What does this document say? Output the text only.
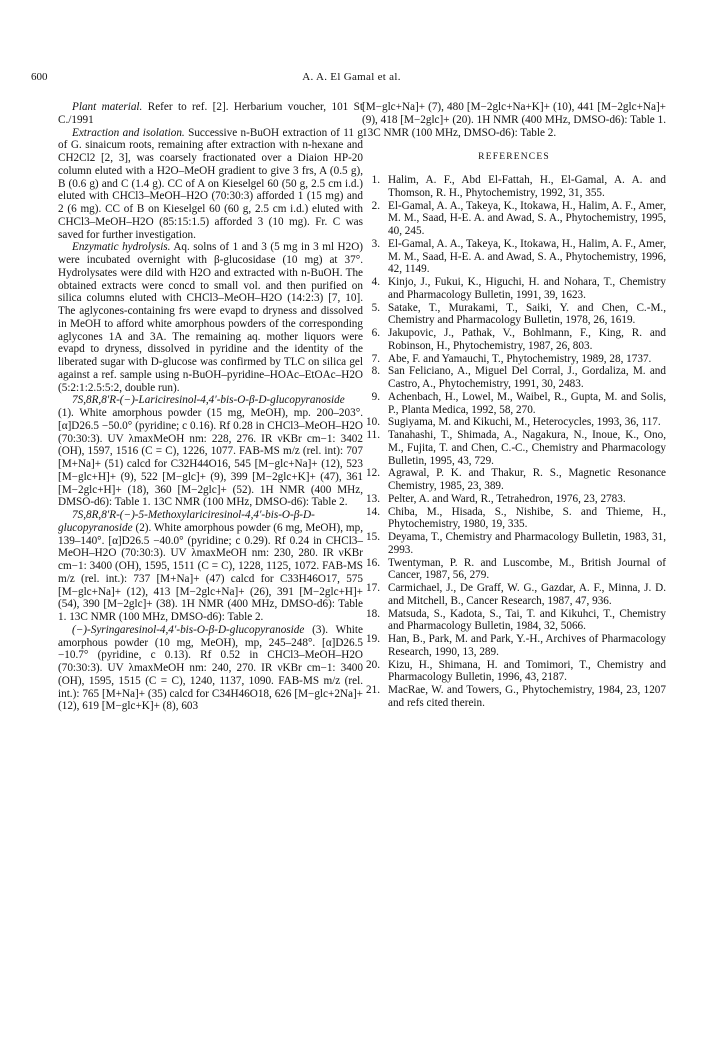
600	A. A. El Gamal et al.

Plant material. Refer to ref. [2]. Herbarium voucher, 101 St C./1991

Extraction and isolation. Successive n-BuOH extraction of 11 g of G. sinaicum roots, remaining after extraction with n-hexane and CH2Cl2 [2, 3], was coarsely fractionated over a Diaion HP-20 column eluted with a H2O–MeOH gradient to give 3 frs, A (0.5 g), B (0.6 g) and C (1.4 g). CC of A on Kieselgel 60 (50 g, 2.5 cm i.d.) eluted with CHCl3–MeOH–H2O (70:30:3) afforded 1 (15 mg) and 2 (6 mg). CC of B on Kieselgel 60 (60 g, 2.5 cm i.d.) eluted with CHCl3–MeOH–H2O (85:15:1.5) afforded 3 (10 mg). Fr. C was saved for further investigation.

Enzymatic hydrolysis. Aq. solns of 1 and 3 (5 mg in 3 ml H2O) were incubated overnight with β-glucosidase (10 mg) at 37°. Hydrolysates were dild with H2O and extracted with n-BuOH. The obtained extracts were concd to small vol. and then purified on silica columns eluted with CHCl3–MeOH–H2O (14:2:3) [7, 10]. The aglycones-containing frs were evapd to dryness and dissolved in MeOH to afford white amorphous powders of the corresponding aglycones 1A and 3A. The remaining aq. mother liquors were evapd to dryness, dissolved in pyridine and the identity of the liberated sugar with D-glucose was confirmed by TLC on silica gel against a ref. sample using n-BuOH–pyridine–HOAc–EtOAc–H2O (5:2:1:2.5:5:2, double run).

7S,8R,8′R-(−)-Lariciresinol-4,4′-bis-O-β-D-glucopyranoside (1). White amorphous powder (15 mg, MeOH), mp. 200–203°. [α]D26.5 −50.0° (pyridine; c 0.16). Rf 0.28 in CHCl3–MeOH–H2O (70:30:3). UV λmaxMeOH nm: 228, 276. IR νKBr cm−1: 3402 (OH), 1597, 1516 (C = C), 1226, 1077. FAB-MS m/z (rel. int): 707 [M+Na]+ (51) calcd for C32H44O16, 545 [M−glc+Na]+ (12), 523 [M−glc+H]+ (9), 522 [M−glc]+ (9), 399 [M−2glc+K]+ (47), 361 [M−2glc+H]+ (18), 360 [M−2glc]+ (52). 1H NMR (400 MHz, DMSO-d6): Table 1. 13C NMR (100 MHz, DMSO-d6): Table 2.

7S,8R,8′R-(−)-5-Methoxylariciresinol-4,4′-bis-O-β-D-glucopyranoside (2). White amorphous powder (6 mg, MeOH), mp, 139–140°. [α]D26.5 −40.0° (pyridine; c 0.29). Rf 0.24 in CHCl3–MeOH–H2O (70:30:3). UV λmaxMeOH nm: 230, 280. IR νKBr cm−1: 3400 (OH), 1595, 1511 (C = C), 1228, 1125, 1072. FAB-MS m/z (rel. int.): 737 [M+Na]+ (47) calcd for C33H46O17, 575 [M−glc+Na]+ (12), 413 [M−2glc+Na]+ (26), 391 [M−2glc+H]+ (54), 390 [M−2glc]+ (38). 1H NMR (400 MHz, DMSO-d6): Table 1. 13C NMR (100 MHz, DMSO-d6): Table 2.

(−)-Syringaresinol-4,4′-bis-O-β-D-glucopyranoside (3). White amorphous powder (10 mg, MeOH), mp, 245–248°. [α]D26.5 −10.7° (pyridine, c 0.13). Rf 0.52 in CHCl3–MeOH–H2O (70:30:3). UV λmaxMeOH nm: 240, 270. IR νKBr cm−1: 3400 (OH), 1595, 1515 (C = C), 1240, 1137, 1090. FAB-MS m/z (rel. int.): 765 [M+Na]+ (35) calcd for C34H46O18, 626 [M−glc+2Na]+ (12), 619 [M−glc+K]+ (8), 603

[M−glc+Na]+ (7), 480 [M−2glc+Na+K]+ (10), 441 [M−2glc+Na]+ (9), 418 [M−2glc]+ (20). 1H NMR (400 MHz, DMSO-d6): Table 1. 13C NMR (100 MHz, DMSO-d6): Table 2.

REFERENCES
1. Halim, A. F., Abd El-Fattah, H., El-Gamal, A. A. and Thomson, R. H., Phytochemistry, 1992, 31, 355.
2. El-Gamal, A. A., Takeya, K., Itokawa, H., Halim, A. F., Amer, M. M., Saad, H-E. A. and Awad, S. A., Phytochemistry, 1995, 40, 245.
3. El-Gamal, A. A., Takeya, K., Itokawa, H., Halim, A. F., Amer, M. M., Saad, H-E. A. and Awad, S. A., Phytochemistry, 1996, 42, 1149.
4. Kinjo, J., Fukui, K., Higuchi, H. and Nohara, T., Chemistry and Pharmacology Bulletin, 1991, 39, 1623.
5. Satake, T., Murakami, T., Saiki, Y. and Chen, C.-M., Chemistry and Pharmacology Bulletin, 1978, 26, 1619.
6. Jakupovic, J., Pathak, V., Bohlmann, F., King, R. and Robinson, H., Phytochemistry, 1987, 26, 803.
7. Abe, F. and Yamauchi, T., Phytochemistry, 1989, 28, 1737.
8. San Feliciano, A., Miguel Del Corral, J., Gordaliza, M. and Castro, A., Phytochemistry, 1991, 30, 2483.
9. Achenbach, H., Lowel, M., Waibel, R., Gupta, M. and Solis, P., Planta Medica, 1992, 58, 270.
10. Sugiyama, M. and Kikuchi, M., Heterocycles, 1993, 36, 117.
11. Tanahashi, T., Shimada, A., Nagakura, N., Inoue, K., Ono, M., Fujita, T. and Chen, C.-C., Chemistry and Pharmacology Bulletin, 1995, 43, 729.
12. Agrawal, P. K. and Thakur, R. S., Magnetic Resonance Chemistry, 1985, 23, 389.
13. Pelter, A. and Ward, R., Tetrahedron, 1976, 23, 2783.
14. Chiba, M., Hisada, S., Nishibe, S. and Thieme, H., Phytochemistry, 1980, 19, 335.
15. Deyama, T., Chemistry and Pharmacology Bulletin, 1983, 31, 2993.
16. Twentyman, P. R. and Luscombe, M., British Journal of Cancer, 1987, 56, 279.
17. Carmichael, J., De Graff, W. G., Gazdar, A. F., Minna, J. D. and Mitchell, B., Cancer Research, 1987, 47, 936.
18. Matsuda, S., Kadota, S., Tai, T. and Kikuhci, T., Chemistry and Pharmacology Bulletin, 1984, 32, 5066.
19. Han, B., Park, M. and Park, Y.-H., Archives of Pharmacology Research, 1990, 13, 289.
20. Kizu, H., Shimana, H. and Tomimori, T., Chemistry and Pharmacology Bulletin, 1996, 43, 2187.
21. MacRae, W. and Towers, G., Phytochemistry, 1984, 23, 1207 and refs cited therein.
